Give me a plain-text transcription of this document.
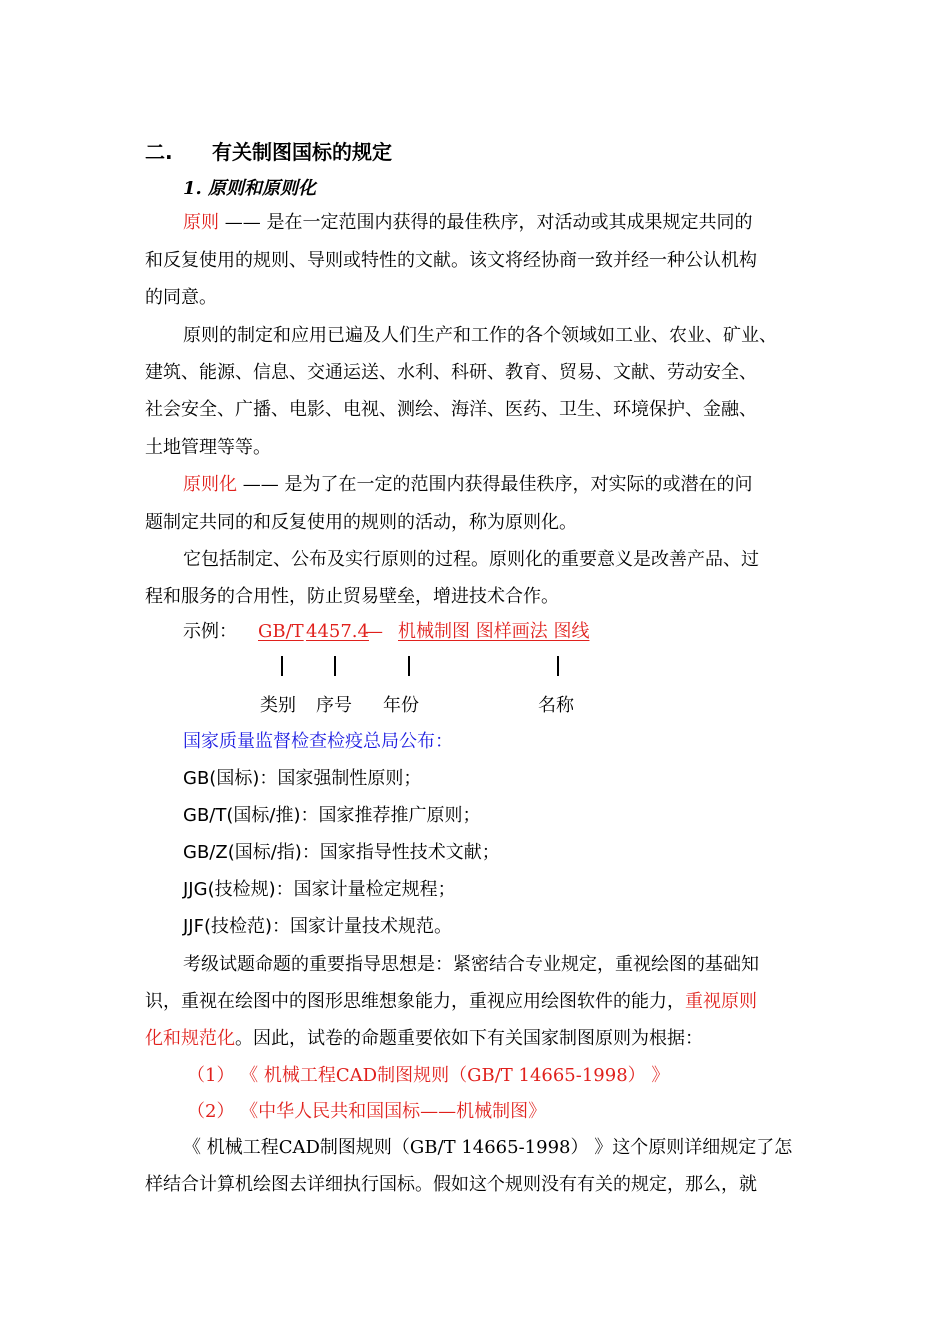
二. 有关制图国标的规定
1. 原则和原则化
原则 —— 是在一定范围内获得的最佳秩序，对活动或其成果规定共同的
和反复使用的规则、导则或特性的文献。该文将经协商一致并经一种公认机构
的同意。
原则的制定和应用已遍及人们生产和工作的各个领域如工业、农业、矿业、
建筑、能源、信息、交通运送、水利、科研、教育、贸易、文献、劳动安全、
社会安全、广播、电影、电视、测绘、海洋、医药、卫生、环境保护、金融、
土地管理等等。
原则化 —— 是为了在一定的范围内获得最佳秩序，对实际的或潜在的问
题制定共同的和反复使用的规则的活动，称为原则化。
它包括制定、公布及实行原则的过程。原则化的重要意义是改善产品、过
程和服务的合用性，防止贸易壁垒，增进技术合作。
示例： GB/T 4457.4
— 机械制图 图样画法 图线
类别 序号 年份	名称
国家质量监督检查检疫总局公布：
GB(国标)：国家强制性原则；
GB/T(国标/推)：国家推荐推广原则；
GB/Z(国标/指)：国家指导性技术文献；
JJG(技检规)：国家计量检定规程；
JJF(技检范)：国家计量技术规范。
考级试题命题的重要指导思想是：紧密结合专业规定，重视绘图的基础知
识，重视在绘图中的图形思维想象能力，重视应用绘图软件的能力，重视原则
化和规范化。因此，试卷的命题重要依如下有关国家制图原则为根据：
（1） 《 机械工程CAD制图规则（GB/T 14665-1998） 》
（2） 《中华人民共和国国标——机械制图》
《 机械工程CAD制图规则（GB/T 14665-1998） 》这个原则详细规定了怎
样结合计算机绘图去详细执行国标。假如这个规则没有有关的规定，那么，就
